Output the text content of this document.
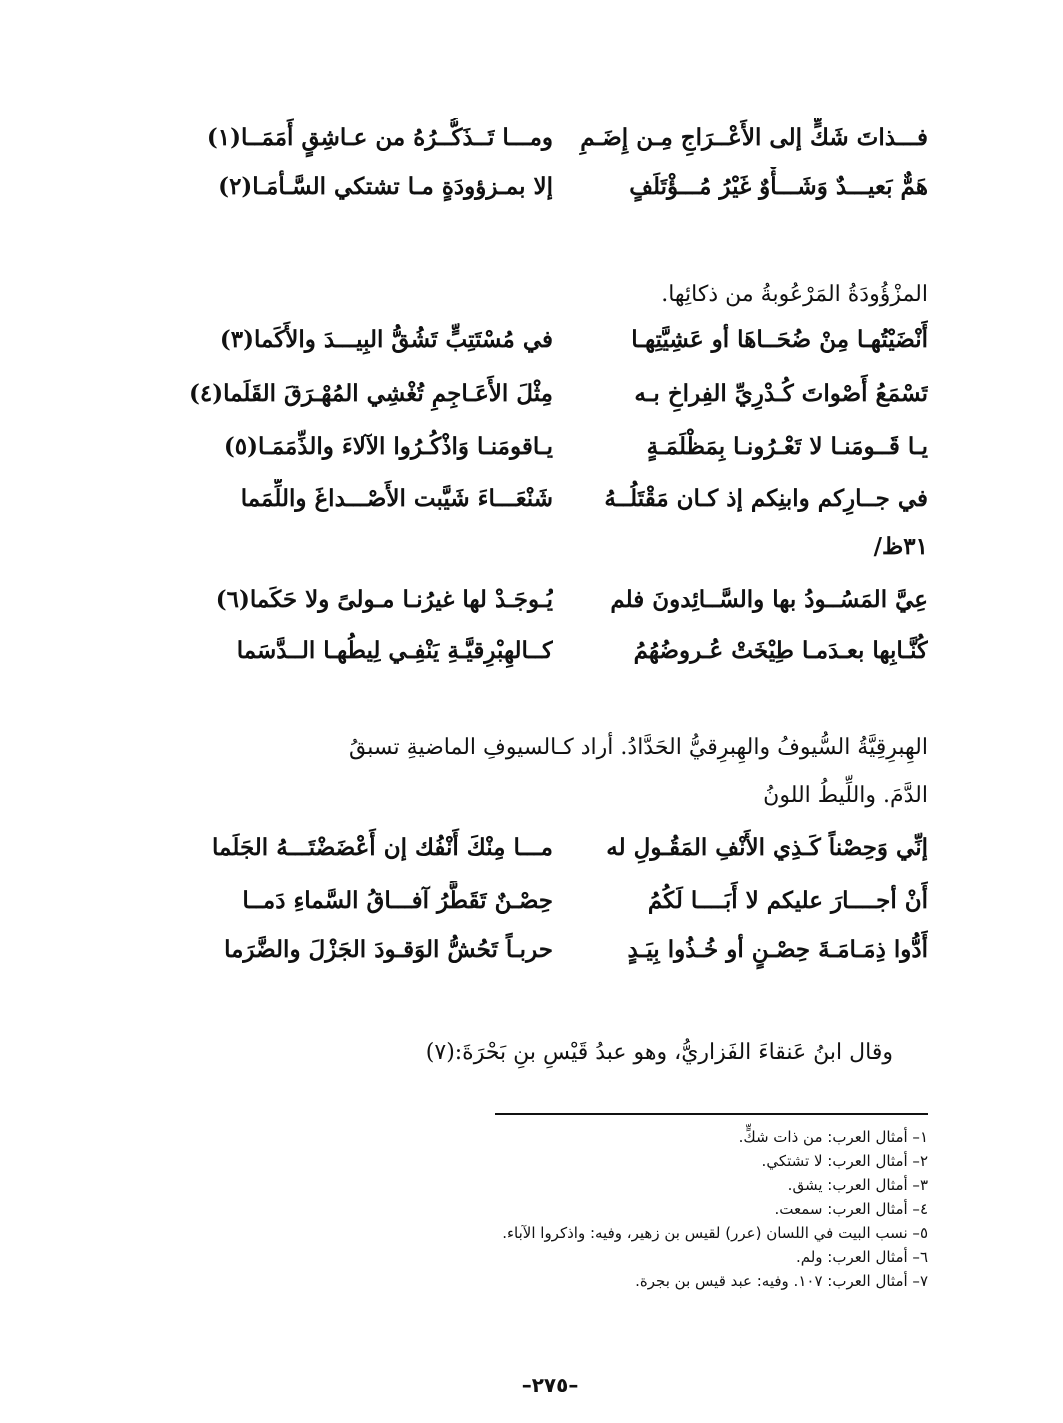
فـــذاتَ شَكٍّ إلى الأَعْــرَاجِ مِـن إِضَـمِ
ومـــا تَــذَكُّــرُهُ من عـاشِقٍ أَمَمَــا(١)
هَمٌّ بَعيـــدٌ وَشَـــأْوٌ غَيْرُ مُـــؤْتَلَفٍ
إلا بمـزؤودَةٍ مـا تشتكي السَّـأمَـا(٢)
المزْؤُودَةُ المَرْعُوبةُ من ذكائِها.
أَنْضَيْتُهـا مِنْ ضُحَــاهَا أو عَشِيَّتِهـا
في مُسْتَتِبٍّ تَشُقُّ البِيـــدَ والأَكَما(٣)
تَسْمَعُ أَصْواتَ كُـدْرِيِّ الفِراخِ بـه
مِثْلَ الأَعَـاجِمِ تُغْشِي المُهْـرَقَ القَلَما(٤)
يـا قَــومَنـا لا تَعْـرُونـا بِمَظْلَمَـةٍ
يـاقومَنـا وَاذْكُـرُوا الآلاءَ والذِّمَمَـا(٥)
في جــارِكم وابنِكم إذ كـان مَقْتَلُــهُ
شَنْعَـــاءَ شَيَّبت الأَصْـــداغَ واللِّمَما
٣١ظ/
عِيَّ المَسُــودُ بها والسَّــائِدونَ فلم
يُـوجَـدْ لها غيرُنـا مـولىً ولا حَكَما(٦)
كُنَّـابِها بعـدَمـا طِيْخَتْ عُـروضُهُمُ
كــالهِبْرِقيَّـةِ يَنْفِـي لِيطُهـا الــدَّسَما
الهِبرِقِيَّةُ السُّيوفُ والهِبرِقيُّ الحَدَّادُ. أراد كـالسيوفِ الماضيةِ تسبقُ
الدَّمَ. واللِّيطُ اللونُ
إنِّي وَحِصْناً كَـذِي الأَنْفِ المَقُـولِ له
مـــا مِنْكَ أَنْفُك إن أَعْضَضْتَـــهُ الجَلَما
أَنْ أجــــارَ عليكم لا أَبَــــا لَكُمُ
حِصْـنٌ تَقَطَّرُ آفـــاقُ السَّماءِ دَمــا
أَدُّوا ذِمَـامَـةَ حِصْـنٍ أو خُـذُوا بِيَـدٍ
حربـاً تَحُشُّ الوَقـودَ الجَزْلَ والضَّرَما
وقال ابنُ عَنقاءَ الفَزاريُّ، وهو عبدُ قَيْسِ بنِ بَحْرَةَ:(٧)
١– أمثال العرب: من ذات شكٍّ.
٢– أمثال العرب: لا تشتكي.
٣– أمثال العرب: يشق.
٤– أمثال العرب: سمعت.
٥– نسب البيت في اللسان (عرر) لقيس بن زهير، وفيه: واذكروا الآباء.
٦– أمثال العرب: ولم.
٧– أمثال العرب: ١٠٧. وفيه: عبد قيس بن بجرة.
–٢٧٥–
